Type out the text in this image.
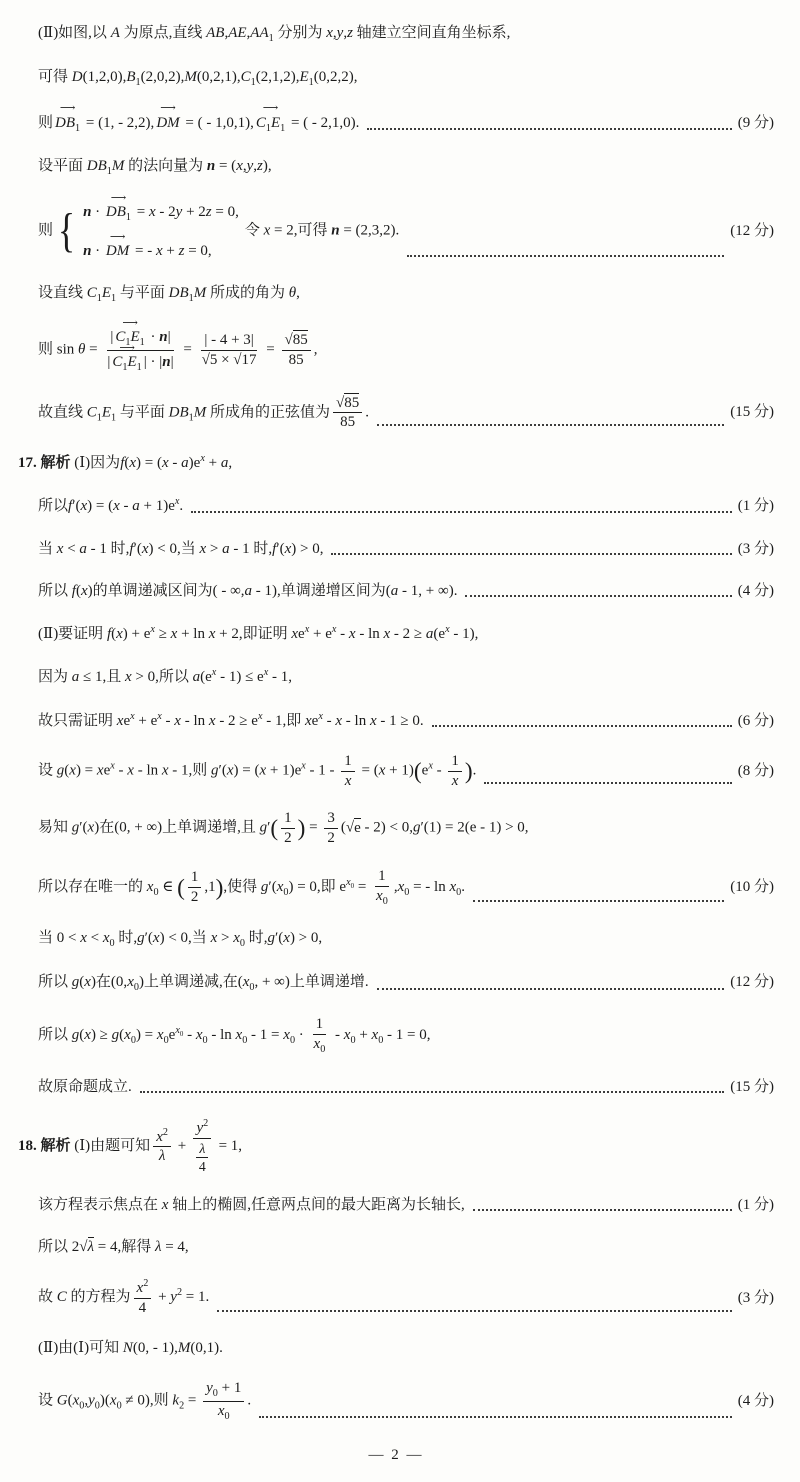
(Ⅱ)如图,以 A 为原点,直线 $AB,AE,AA_1$ 分别为 x,y,z 轴建立空间直角坐标系,
可得 $D(1,2,0),B_1(2,0,2),M(0,2,1),C_1(2,1,2),E_1(0,2,2)$,
则 $DB_1$ ⟶ = (1, - 2,2), DM ⟶ = ( - 1,0,1), $C_1E_1$ ⟶ = ( - 2,1,0).	(9 分)
设平面 $DB_1M$ 的法向量为 n = (x,y,z),
则 { $n \cdot DB_1$ ⟶ = x - 2y + 2z = 0,
n · DM ⟶ = - x + z = 0,
令 x = 2,可得 n = (2,3,2).	(12 分)
设直线 $C_1E_1$ 与平面 $DB_1M$ 所成的角为 θ,
则 $\sin \theta = \frac{| C_1E_1 ⟶ \cdot n|}{| C_1E_1 ⟶ | \cdot |n|} = \frac{| - 4 + 3|}{√5 \times √17} = \frac{√85}{85}$ ,
故直线 $C_1E_1$ 与平面 $DB_1M$ 所成角的正弦值为 $\frac{√85}{85}$ .	(15 分)
17. 解析 (Ⅰ)因为$f(x) = (x - a)e^x + a$,
所以$f'(x) = (x - a + 1)e^x$.	(1 分)
当 x < a - 1 时,f′(x) < 0,当 x > a - 1 时,f′(x) > 0,	(3 分)
所以 f(x)的单调递减区间为( - ∞,a - 1),单调递增区间为(a - 1, + ∞).	(4 分)
(Ⅱ)要证明 $f(x) + e^x \ge x + \ln x + 2$,即证明 $xe^x + e^x - x - \ln x - 2 \ge a(e^x - 1)$,
因为 a ≤ 1,且 x > 0,所以 $a(e^x - 1) \le e^x - 1$,
故只需证明 $xe^x + e^x - x - \ln x - 2 \ge e^x - 1$,即 $xe^x - x - \ln x - 1 \ge 0$.	(6 分)
设 $g(x) = xe^x - x - \ln x - 1$,则 $g'(x) = (x + 1)e^x - 1 - \frac{1}{x} = (x + 1)(e^x - \frac{1}{x}$ ).	(8 分)
易知 g′(x)在(0, + ∞)上单调递增,且 $g'( \frac{1}{2}$ ) = $\frac{3}{2} (√e - 2) < 0,g'(1) = 2(e - 1) > 0$,
所以存在唯一的 $x_0$ ∈ ( $\frac{1}{2} ,1$),使得 $g'(x_0) = 0$,即 $e^{x_0} = \frac{1}{x_0} ,x_0$ = - $\ln x_0$.	(10 分)
当 $0 < x < x_0$ 时,g′(x) < 0,当 $x > x_0$ 时,g′(x) > 0,
所以 g(x)在$(0,x_0)$上单调递减,在($x_0$, + ∞)上单调递增.	(12 分)
所以 $g(x) \ge g(x_0) = x_0e^{x_0} - x_0 - \ln x_0 - 1 = x_0 \cdot \frac{1}{x_0} - x_0 + x_0 - 1 = 0$,
故原命题成立.	(15 分)
18. 解析 (Ⅰ)由题可知 $\frac{x^2}{\lambda} + \frac{y^2}{\frac{\lambda}{4}} = 1$,
该方程表示焦点在 x 轴上的椭圆,任意两点间的最大距离为长轴长,	(1 分)
所以 2√λ = 4,解得 λ = 4,
故 C 的方程为 $\frac{x^2}{4} + y^2 = 1$.	(3 分)
(Ⅱ)由(Ⅰ)可知 N(0, - 1),M(0,1).
设 $G(x_0,y_0)(x_0 \ne 0)$,则 $k_2 = \frac{y_0 + 1}{x_0}$ .	(4 分)
— 2 —
